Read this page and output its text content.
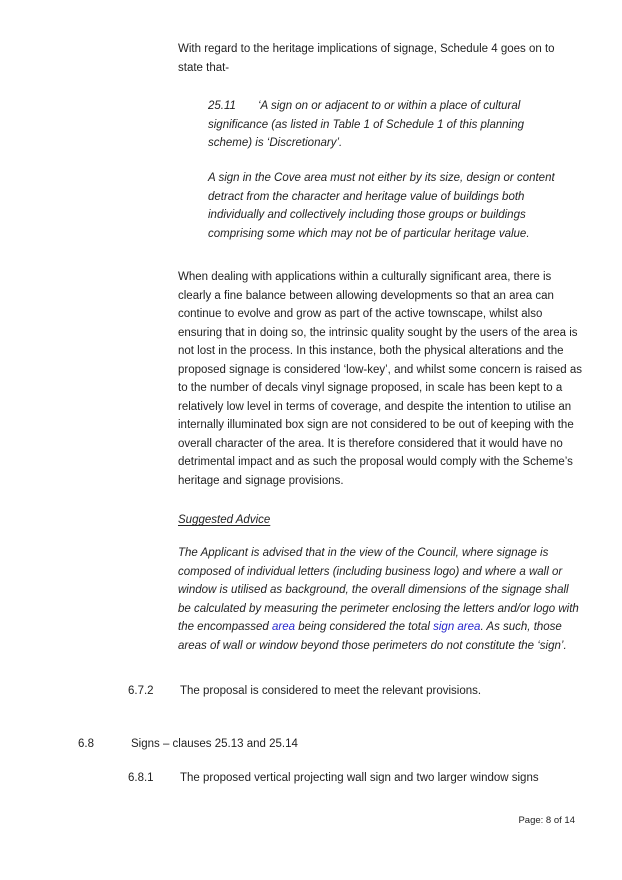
With regard to the heritage implications of signage, Schedule 4 goes on to state that-

25.11 ‘A sign on or adjacent to or within a place of cultural significance (as listed in Table 1 of Schedule 1 of this planning scheme) is ‘Discretionary’.

A sign in the Cove area must not either by its size, design or content detract from the character and heritage value of buildings both individually and collectively including those groups or buildings comprising some which may not be of particular heritage value.

When dealing with applications within a culturally significant area, there is clearly a fine balance between allowing developments so that an area can continue to evolve and grow as part of the active townscape, whilst also ensuring that in doing so, the intrinsic quality sought by the users of the area is not lost in the process. In this instance, both the physical alterations and the proposed signage is considered ‘low-key’, and whilst some concern is raised as to the number of decals vinyl signage proposed, in scale has been kept to a relatively low level in terms of coverage, and despite the intention to utilise an internally illuminated box sign are not considered to be out of keeping with the overall character of the area. It is therefore considered that it would have no detrimental impact and as such the proposal would comply with the Scheme’s heritage and signage provisions.

Suggested Advice

The Applicant is advised that in the view of the Council, where signage is composed of individual letters (including business logo) and where a wall or window is utilised as background, the overall dimensions of the signage shall be calculated by measuring the perimeter enclosing the letters and/or logo with the encompassed area being considered the total sign area. As such, those areas of wall or window beyond those perimeters do not constitute the ‘sign’.

6.7.2	The proposal is considered to meet the relevant provisions.
6.8	Signs – clauses 25.13 and 25.14
6.8.1	The proposed vertical projecting wall sign and two larger window signs

Page: 8 of 14
